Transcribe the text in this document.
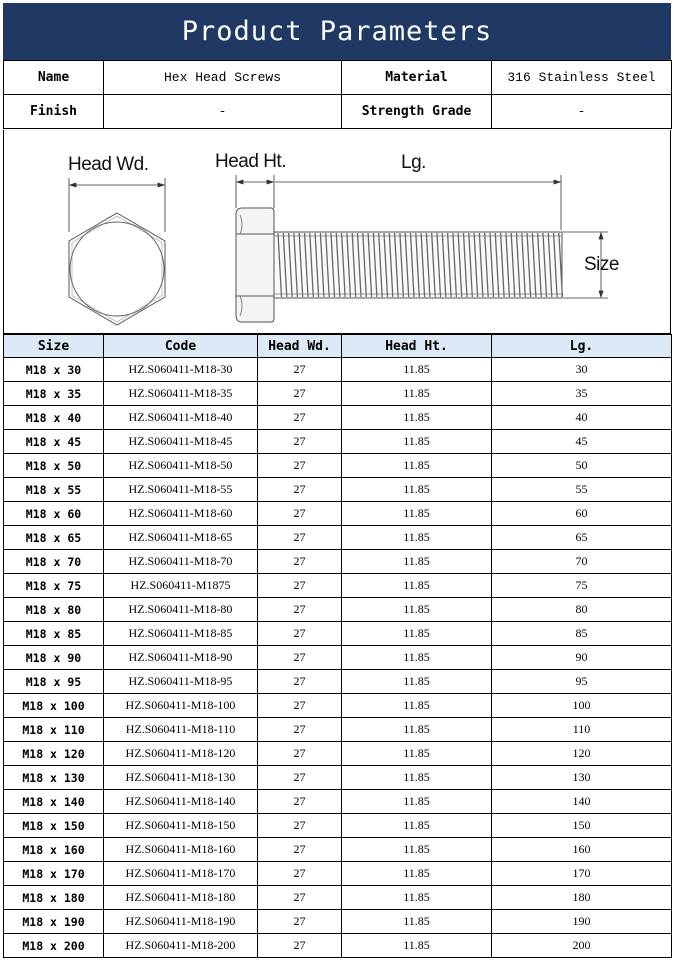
Product Parameters
Name	Hex Head Screws	Material	316 Stainless Steel
Finish	-	Strength Grade	-
Head Wd.	Head Ht.	Lg.
Size
Size	Code	Head Wd.	Head Ht.	Lg.
M18 x 30	HZ.S060411-M18-30	27	11.85	30
M18 x 35	HZ.S060411-M18-35	27	11.85	35
M18 x 40	HZ.S060411-M18-40	27	11.85	40
M18 x 45	HZ.S060411-M18-45	27	11.85	45
M18 x 50	HZ.S060411-M18-50	27	11.85	50
M18 x 55	HZ.S060411-M18-55	27	11.85	55
M18 x 60	HZ.S060411-M18-60	27	11.85	60
M18 x 65	HZ.S060411-M18-65	27	11.85	65
M18 x 70	HZ.S060411-M18-70	27	11.85	70
M18 x 75	HZ.S060411-M1875	27	11.85	75
M18 x 80	HZ.S060411-M18-80	27	11.85	80
M18 x 85	HZ.S060411-M18-85	27	11.85	85
M18 x 90	HZ.S060411-M18-90	27	11.85	90
M18 x 95	HZ.S060411-M18-95	27	11.85	95
M18 x 100	HZ.S060411-M18-100	27	11.85	100
M18 x 110	HZ.S060411-M18-110	27	11.85	110
M18 x 120	HZ.S060411-M18-120	27	11.85	120
M18 x 130	HZ.S060411-M18-130	27	11.85	130
M18 x 140	HZ.S060411-M18-140	27	11.85	140
M18 x 150	HZ.S060411-M18-150	27	11.85	150
M18 x 160	HZ.S060411-M18-160	27	11.85	160
M18 x 170	HZ.S060411-M18-170	27	11.85	170
M18 x 180	HZ.S060411-M18-180	27	11.85	180
M18 x 190	HZ.S060411-M18-190	27	11.85	190
M18 x 200	HZ.S060411-M18-200	27	11.85	200
